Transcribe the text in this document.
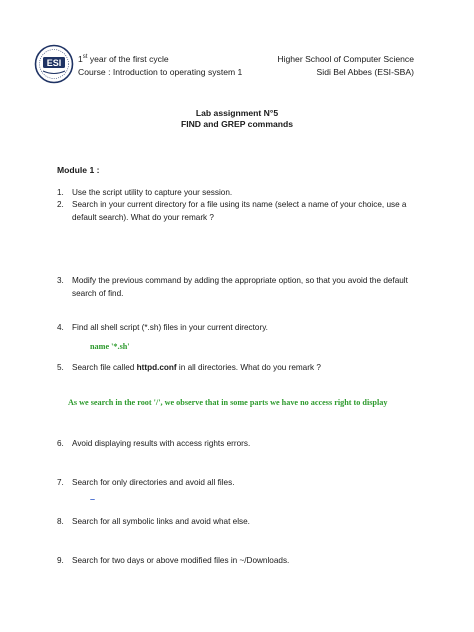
ESI 1st year of the first cycle
Course : Introduction to operating system 1
Higher School of Computer Science
Sidi Bel Abbes (ESI-SBA)
Lab assignment N°5
FIND and GREP commands
Module 1 :
1. Use the script utility to capture your session.
2. Search in your current directory for a file using its name (select a name of your choice, use a default search). What do your remark ?
3. Modify the previous command by adding the appropriate option, so that you avoid the default search of find.
4. Find all shell script (*.sh) files in your current directory.
name '*.sh'
5. Search file called httpd.conf in all directories. What do you remark ?
As we search in the root '/', we observe that in some parts we have no access right to display
6. Avoid displaying results with access rights errors.
7. Search for only directories and avoid all files.
–
8. Search for all symbolic links and avoid what else.
9. Search for two days or above modified files in ~/Downloads.
